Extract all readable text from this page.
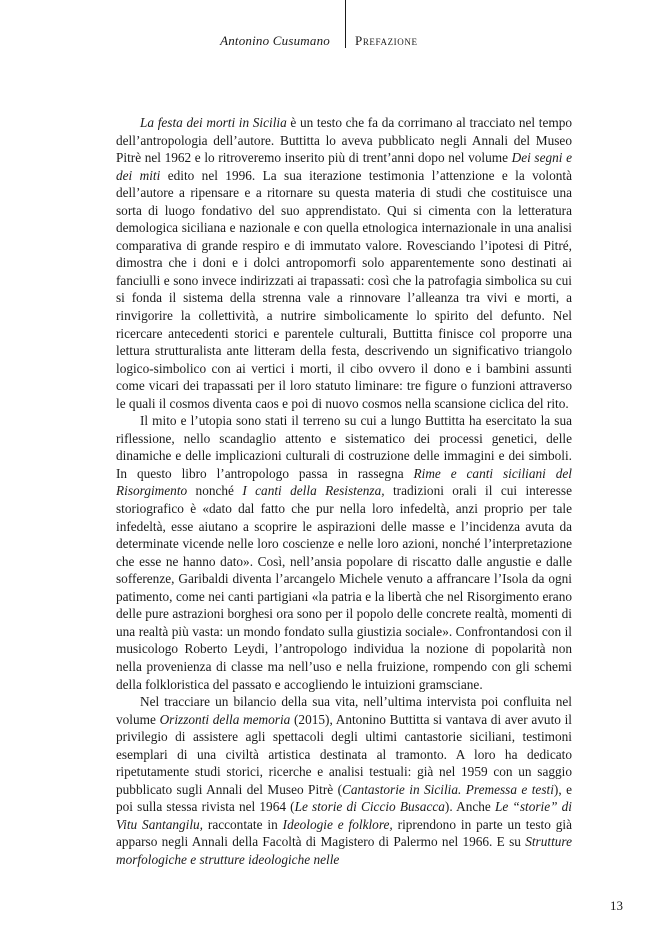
Antonino Cusumano Prefazione

La festa dei morti in Sicilia è un testo che fa da corrimano al tracciato nel tempo dell’antropologia dell’autore. Buttitta lo aveva pubblicato negli Annali del Museo Pitrè nel 1962 e lo ritroveremo inserito più di trent’anni dopo nel volume Dei segni e dei miti edito nel 1996. La sua iterazione testimonia l’attenzione e la volontà dell’autore a ripensare e a ritornare su questa materia di studi che costituisce una sorta di luogo fondativo del suo apprendistato. Qui si cimenta con la letteratura demologica siciliana e nazionale e con quella etnologica internazionale in una analisi comparativa di grande respiro e di immutato valore. Rovesciando l’ipotesi di Pitré, dimostra che i doni e i dolci antropomorfi solo apparentemente sono destinati ai fanciulli e sono invece indirizzati ai trapassati: così che la patrofagia simbolica su cui si fonda il sistema della strenna vale a rinnovare l’alleanza tra vivi e morti, a rinvigorire la collettività, a nutrire simbolicamente lo spirito del defunto. Nel ricercare antecedenti storici e parentele culturali, Buttitta finisce col proporre una lettura strutturalista ante litteram della festa, descrivendo un significativo triangolo logico-simbolico con ai vertici i morti, il cibo ovvero il dono e i bambini assunti come vicari dei trapassati per il loro statuto liminare: tre figure o funzioni attraverso le quali il cosmos diventa caos e poi di nuovo cosmos nella scansione ciclica del rito.

Il mito e l’utopia sono stati il terreno su cui a lungo Buttitta ha esercitato la sua riflessione, nello scandaglio attento e sistematico dei processi genetici, delle dinamiche e delle implicazioni culturali di costruzione delle immagini e dei simboli. In questo libro l’antropologo passa in rassegna Rime e canti siciliani del Risorgimento nonché I canti della Resistenza, tradizioni orali il cui interesse storiografico è «dato dal fatto che pur nella loro infedeltà, anzi proprio per tale infedeltà, esse aiutano a scoprire le aspirazioni delle masse e l’incidenza avuta da determinate vicende nelle loro coscienze e nelle loro azioni, nonché l’interpretazione che esse ne hanno dato». Così, nell’ansia popolare di riscatto dalle angustie e dalle sofferenze, Garibaldi diventa l’arcangelo Michele venuto a affrancare l’Isola da ogni patimento, come nei canti partigiani «la patria e la libertà che nel Risorgimento erano delle pure astrazioni borghesi ora sono per il popolo delle concrete realtà, momenti di una realtà più vasta: un mondo fondato sulla giustizia sociale». Confrontandosi con il musicologo Roberto Leydi, l’antropologo individua la nozione di popolarità non nella provenienza di classe ma nell’uso e nella fruizione, rompendo con gli schemi della folkloristica del passato e accogliendo le intuizioni gramsciane.

Nel tracciare un bilancio della sua vita, nell’ultima intervista poi confluita nel volume Orizzonti della memoria (2015), Antonino Buttitta si vantava di aver avuto il privilegio di assistere agli spettacoli degli ultimi cantastorie siciliani, testimoni esemplari di una civiltà artistica destinata al tramonto. A loro ha dedicato ripetutamente studi storici, ricerche e analisi testuali: già nel 1959 con un saggio pubblicato sugli Annali del Museo Pitrè (Cantastorie in Sicilia. Premessa e testi), e poi sulla stessa rivista nel 1964 (Le storie di Ciccio Busacca). Anche Le “storie” di Vitu Santangilu, raccontate in Ideologie e folklore, riprendono in parte un testo già apparso negli Annali della Facoltà di Magistero di Palermo nel 1966. E su Strutture morfologiche e strutture ideologiche nelle

13
